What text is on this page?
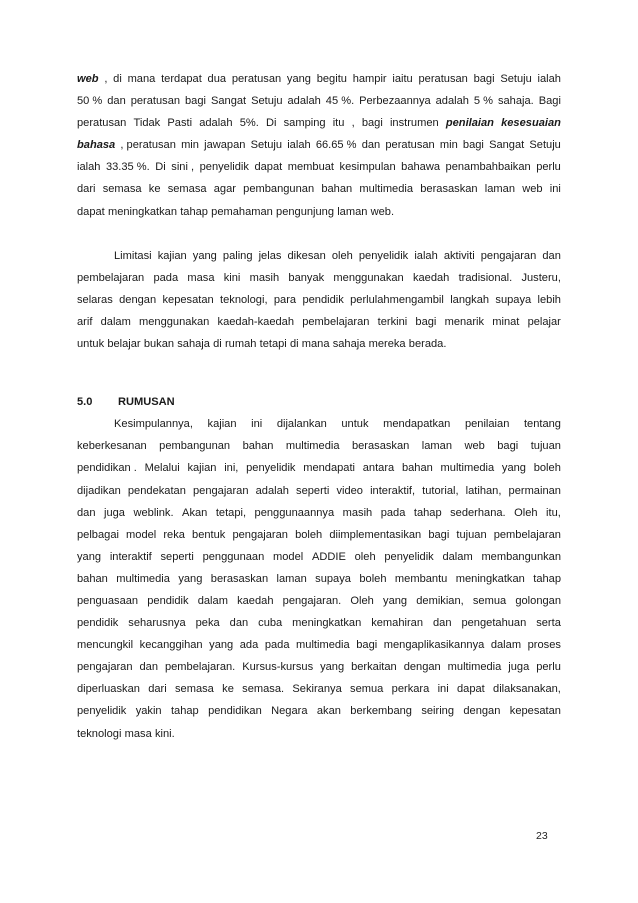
web , di mana terdapat dua peratusan yang begitu hampir iaitu peratusan bagi Setuju ialah
50 % dan peratusan bagi Sangat Setuju adalah 45 %. Perbezaannya adalah 5 % sahaja. Bagi
peratusan Tidak Pasti adalah 5%. Di samping itu , bagi instrumen penilaian kesesuaian
bahasa , peratusan min jawapan Setuju ialah 66.65 % dan peratusan min bagi Sangat Setuju
ialah 33.35 %. Di sini , penyelidik dapat membuat kesimpulan bahawa penambahbaikan perlu
dari semasa ke semasa agar pembangunan bahan multimedia berasaskan laman web ini
dapat meningkatkan tahap pemahaman pengunjung laman web.
Limitasi kajian yang paling jelas dikesan oleh penyelidik ialah aktiviti pengajaran dan
pembelajaran pada masa kini masih banyak menggunakan kaedah tradisional. Justeru,
selaras dengan kepesatan teknologi, para pendidik perlulahmengambil langkah supaya lebih
arif dalam menggunakan kaedah-kaedah pembelajaran terkini bagi menarik minat pelajar
untuk belajar bukan sahaja di rumah tetapi di mana sahaja mereka berada.
5.0	RUMUSAN
Kesimpulannya, kajian ini dijalankan untuk mendapatkan penilaian tentang
keberkesanan pembangunan bahan multimedia berasaskan laman web bagi tujuan
pendidikan . Melalui kajian ini, penyelidik mendapati antara bahan multimedia yang boleh
dijadikan pendekatan pengajaran adalah seperti video interaktif, tutorial, latihan, permainan
dan juga weblink. Akan tetapi, penggunaannya masih pada tahap sederhana. Oleh itu,
pelbagai model reka bentuk pengajaran boleh diimplementasikan bagi tujuan pembelajaran
yang interaktif seperti penggunaan model ADDIE oleh penyelidik dalam membangunkan
bahan multimedia yang berasaskan laman supaya boleh membantu meningkatkan tahap
penguasaan pendidik dalam kaedah pengajaran. Oleh yang demikian, semua golongan
pendidik seharusnya peka dan cuba meningkatkan kemahiran dan pengetahuan serta
mencungkil kecanggihan yang ada pada multimedia bagi mengaplikasikannya dalam proses
pengajaran dan pembelajaran. Kursus-kursus yang berkaitan dengan multimedia juga perlu
diperluaskan dari semasa ke semasa. Sekiranya semua perkara ini dapat dilaksanakan,
penyelidik yakin tahap pendidikan Negara akan berkembang seiring dengan kepesatan
teknologi masa kini.
23
